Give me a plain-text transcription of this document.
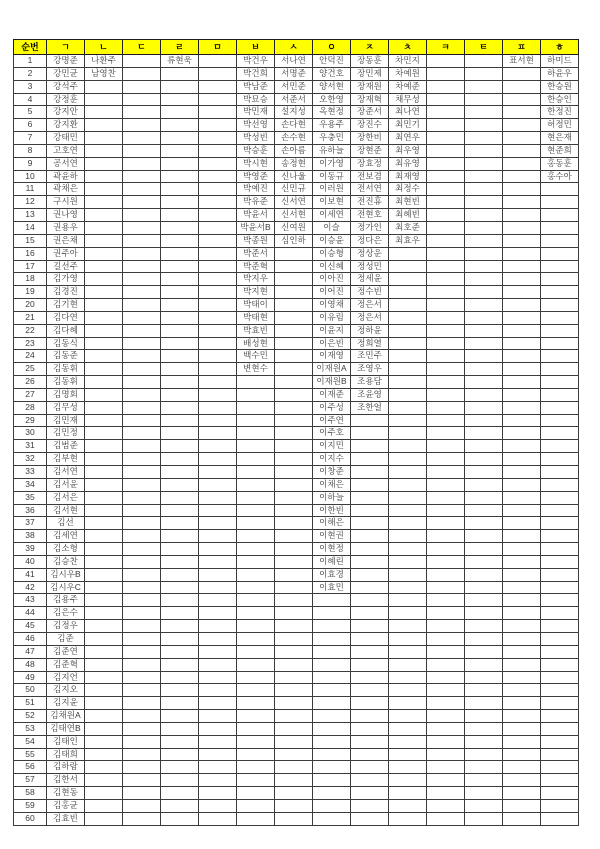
순번	ㄱ	ㄴ	ㄷ	ㄹ	ㅁ	ㅂ	ㅅ	ㅇ	ㅈ	ㅊ	ㅋ	ㅌ	ㅍ	ㅎ
1	강명준	나환주		류현욱		박건우	서나연	안덕진	장동훈	차민지			표서현	하미드
2	강민균	남영찬				박건희	서명준	양건호	장민제	차예원				하윤우
3	강석주					박남준	서민준	양서현	장재원	차예준				한승원
4	강정훈					박묘승	서준서	오한영	장재혁	채무성				한승인
5	강지안					박민재	설지성	옥현정	장준서	최나연				한정진
6	강지환					박선영	손다현	우용주	장진수	최민기				허정민
7	강태민					박성빈	손수현	우충민	장한비	최연우				현은재
8	고호연					박승훈	손아름	유하늘	장현준	최우영				현준희
9	공서연					박시현	송정현	이가영	장효정	최유영				홍동훈
10	곽윤하					박영준	신나울	이동규	전보겸	최재영				홍수아
11	곽채은					박예진	신민규	이러원	전서연	최정수				
12	구시원					박유준	신서연	이보현	전진휴	최현빈				
13	권나영					박윤서	신서현	이세연	전현호	최혜빈				
14	권용우					박윤서B	신여원	이슬	정가인	최호준				
15	권은채					박종원	심인하	이승윤	정다은	최효우				
16	권주아					박준서		이승형	정상운					
17	길선주					박준혁		이신혜	정성민					
18	김가영					박지우		이아진	정세윤					
19	김경진					박지현		이어진	정수빈					
20	김기현					박태이		이영채	정은서					
21	김다연					박태현		이유림	정은서					
22	김다혜					박효빈		이윤지	정하윤					
23	김동식					배성현		이은빈	정희열					
24	김동준					백수민		이재영	조민주					
25	김동휘					변현수		이재원A	조영우					
26	김동휘							이재원B	조용담					
27	김명회							이재준	조윤영					
28	김무성							이주성	조한얼					
29	김민재							이주연						
30	김민정							이주호						
31	김범준							이지민						
32	김부현							이지수						
33	김서연							이창준						
34	김서윤							이채은						
35	김서은							이하늘						
36	김서현							이한빈						
37	김선							이해은						
38	김세연							이현권						
39	김소형							이현정						
40	김승찬							이혜린						
41	김시우B							이효경						
42	김시우C							이효민						
43	김용주													
44	김은수													
45	김정우													
46	김준													
47	김준연													
48	김준혁													
49	김지언													
50	김지오													
51	김지윤													
52	김채원A													
53	김태연B													
54	김태인													
55	김태희													
56	김하람													
57	김한서													
58	김현동													
59	김홍균													
60	김효빈													
